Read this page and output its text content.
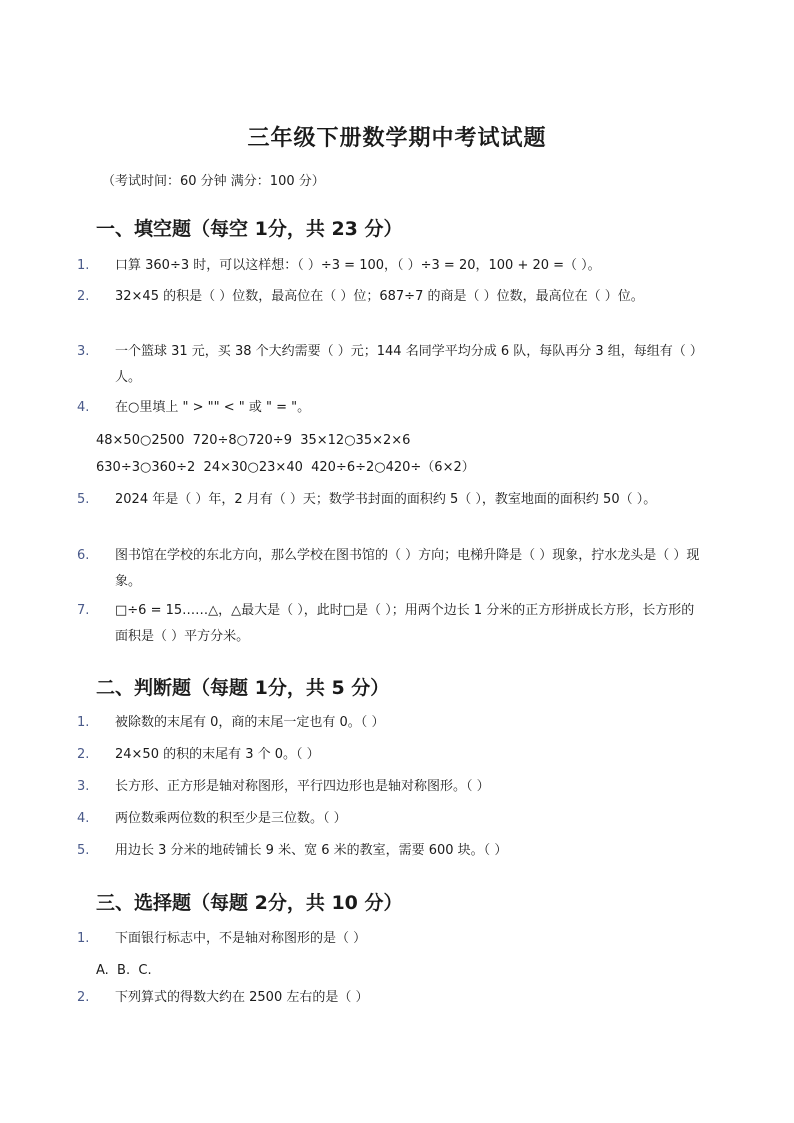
三年级下册数学期中考试试题
（考试时间：60 分钟 满分：100 分）
一、填空题（每空 1分，共 23 分）
1. 口算 360÷3 时，可以这样想：（ ）÷3 = 100，（ ）÷3 = 20，100 + 20 =（ ）。
2. 32×45 的积是（ ）位数，最高位在（ ）位；687÷7 的商是（ ）位数，最高位在（ ）位。
3. 一个篮球 31 元，买 38 个大约需要（ ）元；144 名同学平均分成 6 队，每队再分 3 组，每组有（ ）人。
4. 在○里填上 " > "" < " 或 " = "。
48×50○2500  720÷8○720÷9  35×12○35×2×6
630÷3○360÷2  24×30○23×40  420÷6÷2○420÷（6×2）
5. 2024 年是（ ）年，2 月有（ ）天；数学书封面的面积约 5（ ），教室地面的面积约 50（ ）。
6. 图书馆在学校的东北方向，那么学校在图书馆的（ ）方向；电梯升降是（ ）现象，拧水龙头是（ ）现象。
7. □÷6 = 15……△，△最大是（ ），此时□是（ ）；用两个边长 1 分米的正方形拼成长方形，长方形的面积是（ ）平方分米。
二、判断题（每题 1分，共 5 分）
1. 被除数的末尾有 0，商的末尾一定也有 0。（ ）
2. 24×50 的积的末尾有 3 个 0。（ ）
3. 长方形、正方形是轴对称图形，平行四边形也是轴对称图形。（ ）
4. 两位数乘两位数的积至少是三位数。（ ）
5. 用边长 3 分米的地砖铺长 9 米、宽 6 米的教室，需要 600 块。（ ）
三、选择题（每题 2分，共 10 分）
1. 下面银行标志中，不是轴对称图形的是（ ）
A.  B.  C.
2. 下列算式的得数大约在 2500 左右的是（ ）
